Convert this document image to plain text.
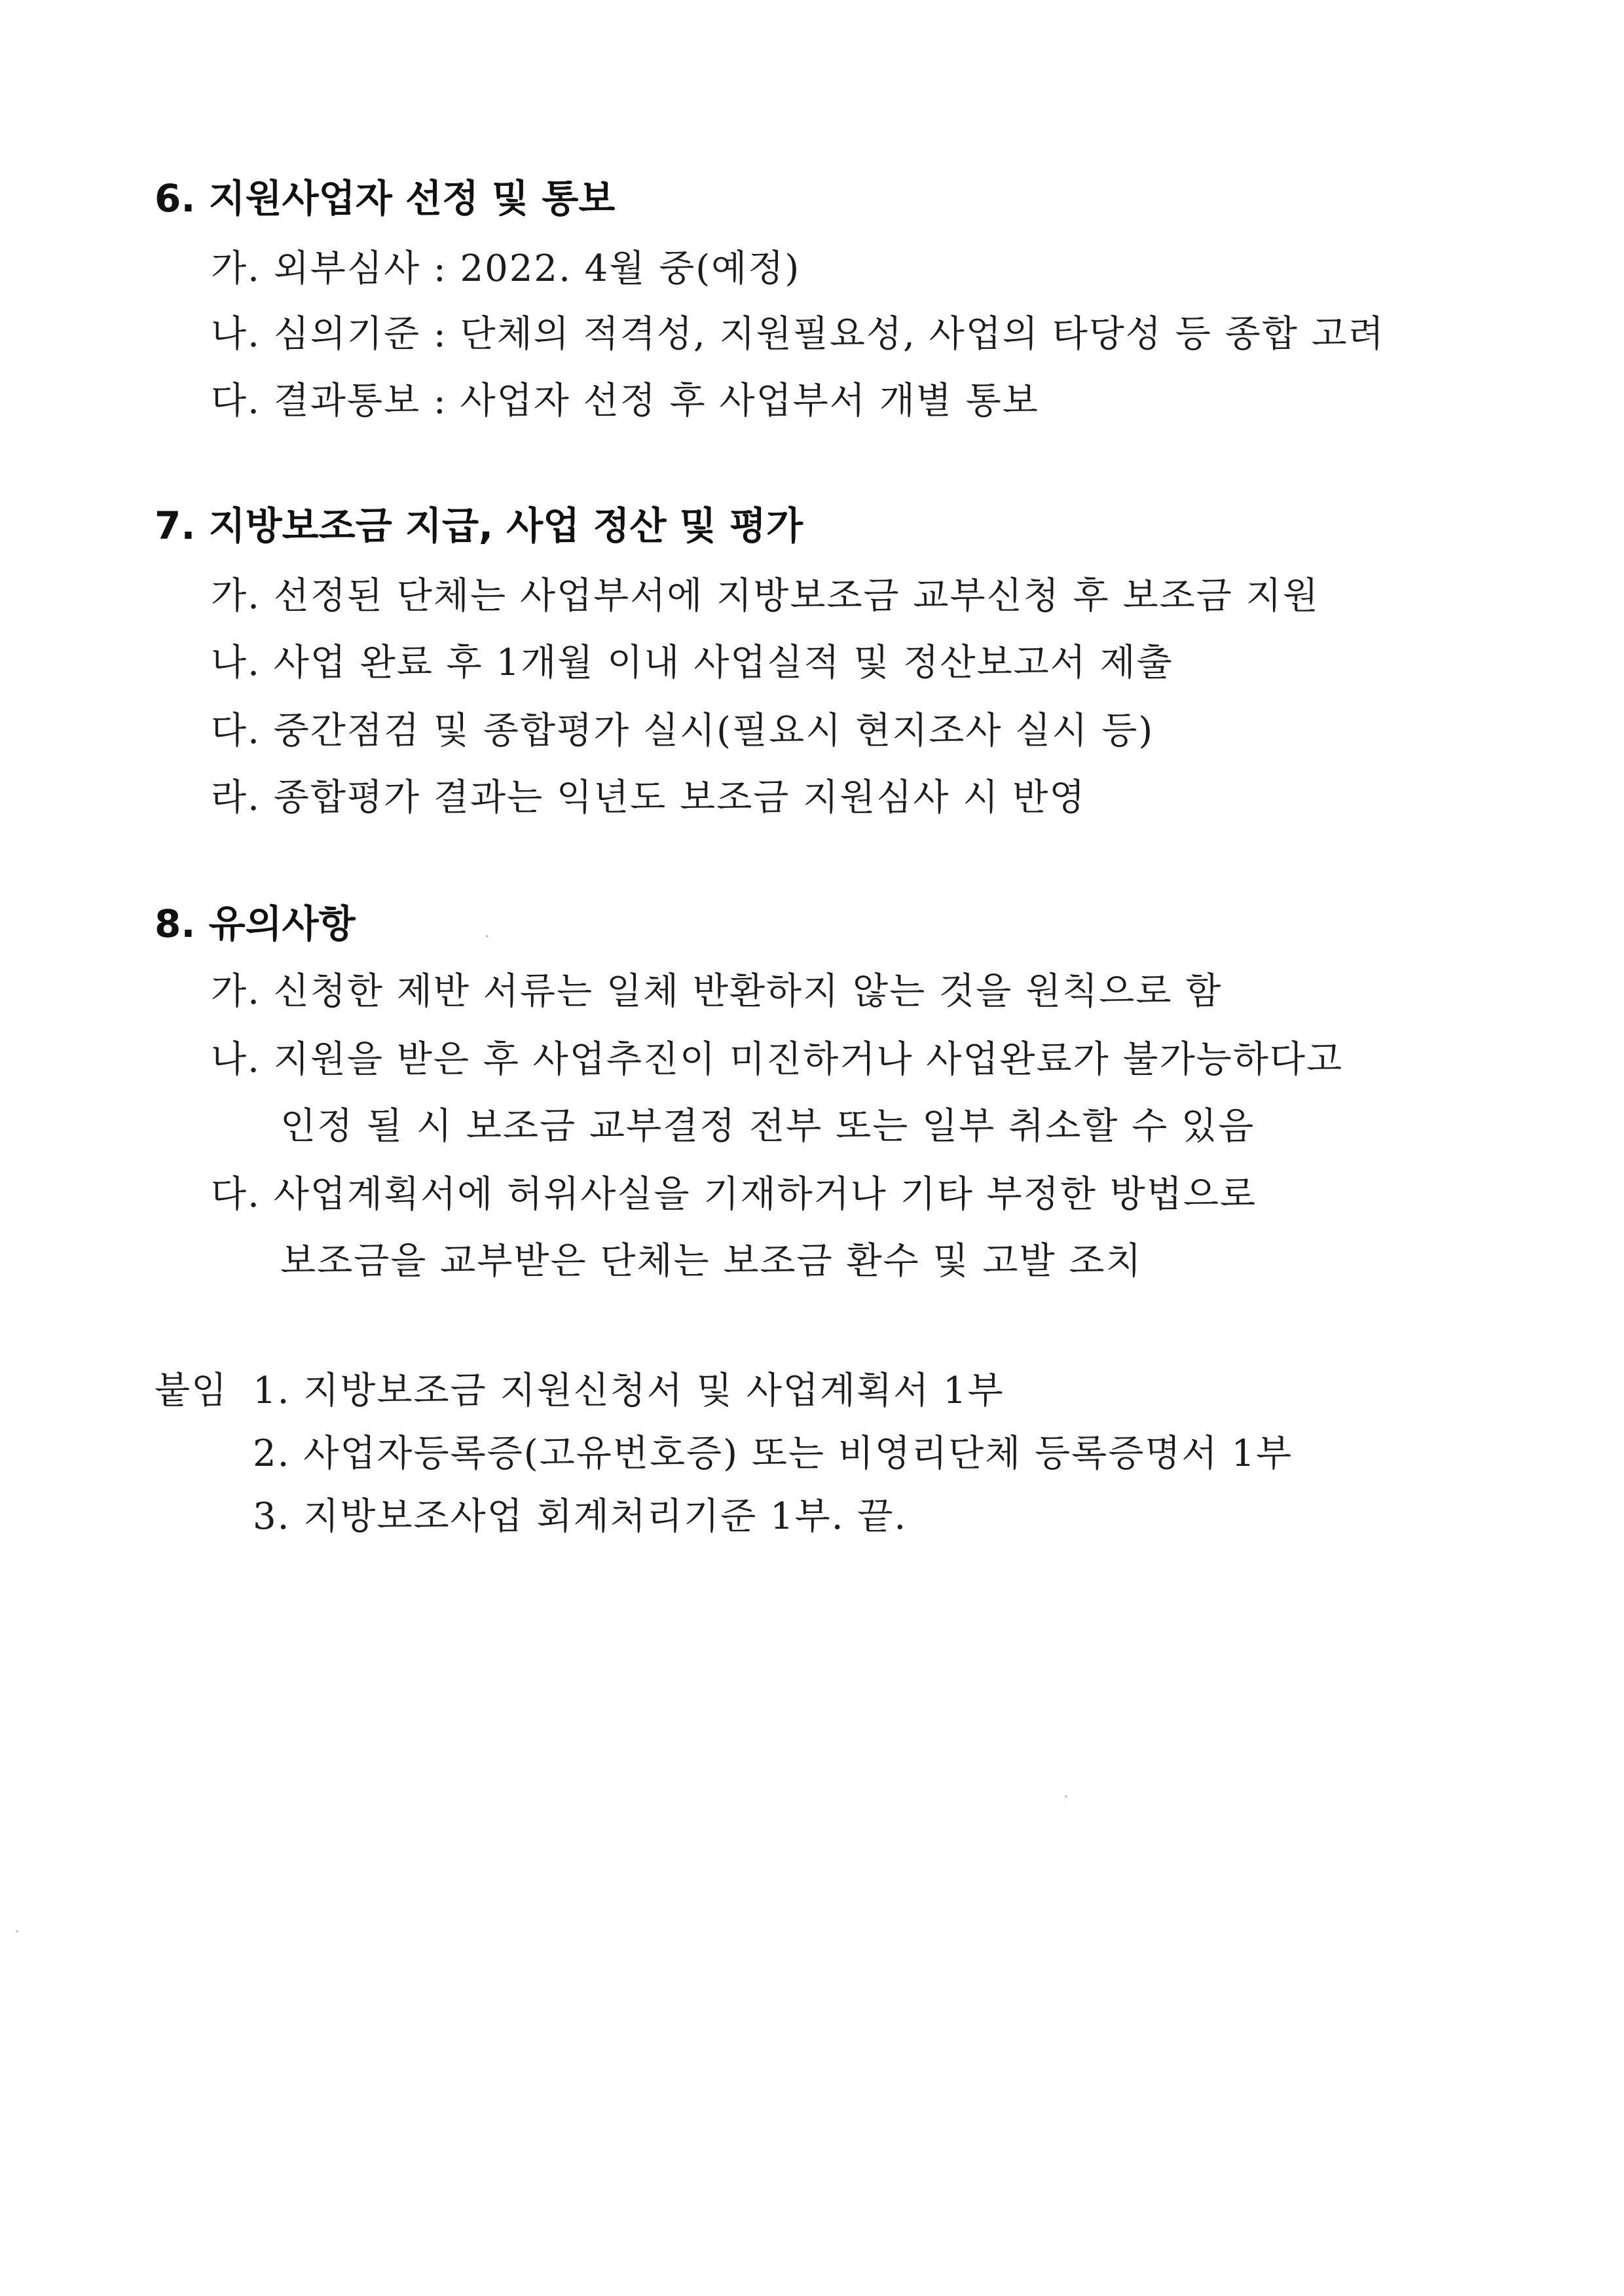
6. 지원사업자 선정 및 통보
가. 외부심사 : 2022. 4월 중(예정)
나. 심의기준 : 단체의 적격성, 지원필요성, 사업의 타당성 등 종합 고려
다. 결과통보 : 사업자 선정 후 사업부서 개별 통보
7. 지방보조금 지급, 사업 정산 및 평가
가. 선정된 단체는 사업부서에 지방보조금 교부신청 후 보조금 지원
나. 사업 완료 후 1개월 이내 사업실적 및 정산보고서 제출
다. 중간점검 및 종합평가 실시(필요시 현지조사 실시 등)
라. 종합평가 결과는 익년도 보조금 지원심사 시 반영
8. 유의사항
가. 신청한 제반 서류는 일체 반환하지 않는 것을 원칙으로 함
나. 지원을 받은 후 사업추진이 미진하거나 사업완료가 불가능하다고
인정 될 시 보조금 교부결정 전부 또는 일부 취소할 수 있음
다. 사업계획서에 허위사실을 기재하거나 기타 부정한 방법으로
보조금을 교부받은 단체는 보조금 환수 및 고발 조치
붙임 1. 지방보조금 지원신청서 및 사업계획서 1부
2. 사업자등록증(고유번호증) 또는 비영리단체 등록증명서 1부
3. 지방보조사업 회계처리기준 1부. 끝.
